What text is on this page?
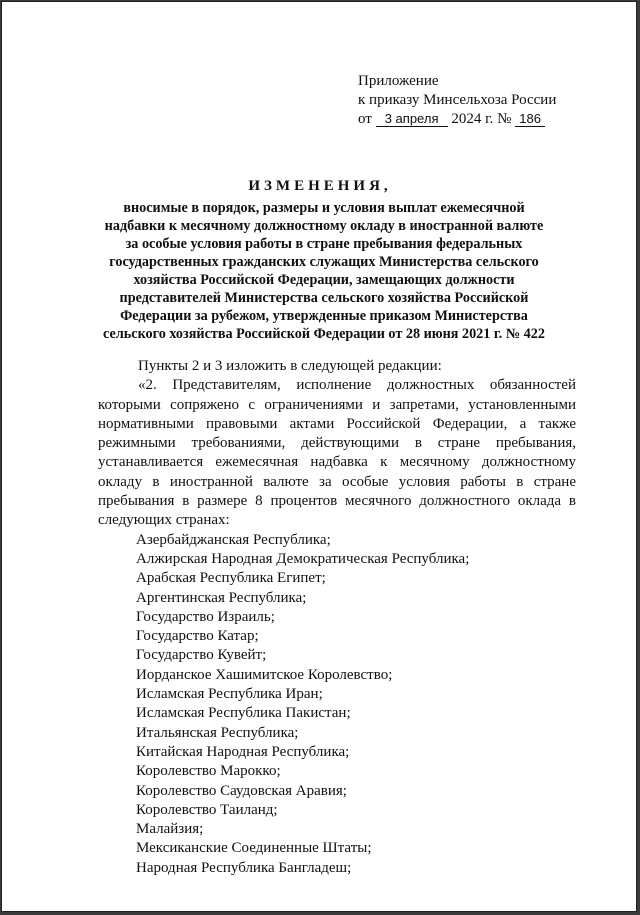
Приложение
к приказу Минсельхоза России
от 3 апреля 2024 г. № 186
ИЗМЕНЕНИЯ,
вносимые в порядок, размеры и условия выплат ежемесячной
надбавки к месячному должностному окладу в иностранной валюте
за особые условия работы в стране пребывания федеральных
государственных гражданских служащих Министерства сельского
хозяйства Российской Федерации, замещающих должности
представителей Министерства сельского хозяйства Российской
Федерации за рубежом, утвержденные приказом Министерства
сельского хозяйства Российской Федерации от 28 июня 2021 г. № 422

Пункты 2 и 3 изложить в следующей редакции:

«2. Представителям, исполнение должностных обязанностей которыми сопряжено с ограничениями и запретами, установленными нормативными правовыми актами Российской Федерации, а также режимными требованиями, действующими в стране пребывания, устанавливается ежемесячная надбавка к месячному должностному окладу в иностранной валюте за особые условия работы в стране пребывания в размере 8 процентов месячного должностного оклада в следующих странах:

Азербайджанская Республика;
Алжирская Народная Демократическая Республика;
Арабская Республика Египет;
Аргентинская Республика;
Государство Израиль;
Государство Катар;
Государство Кувейт;
Иорданское Хашимитское Королевство;
Исламская Республика Иран;
Исламская Республика Пакистан;
Итальянская Республика;
Китайская Народная Республика;
Королевство Марокко;
Королевство Саудовская Аравия;
Королевство Таиланд;
Малайзия;
Мексиканские Соединенные Штаты;
Народная Республика Бангладеш;
